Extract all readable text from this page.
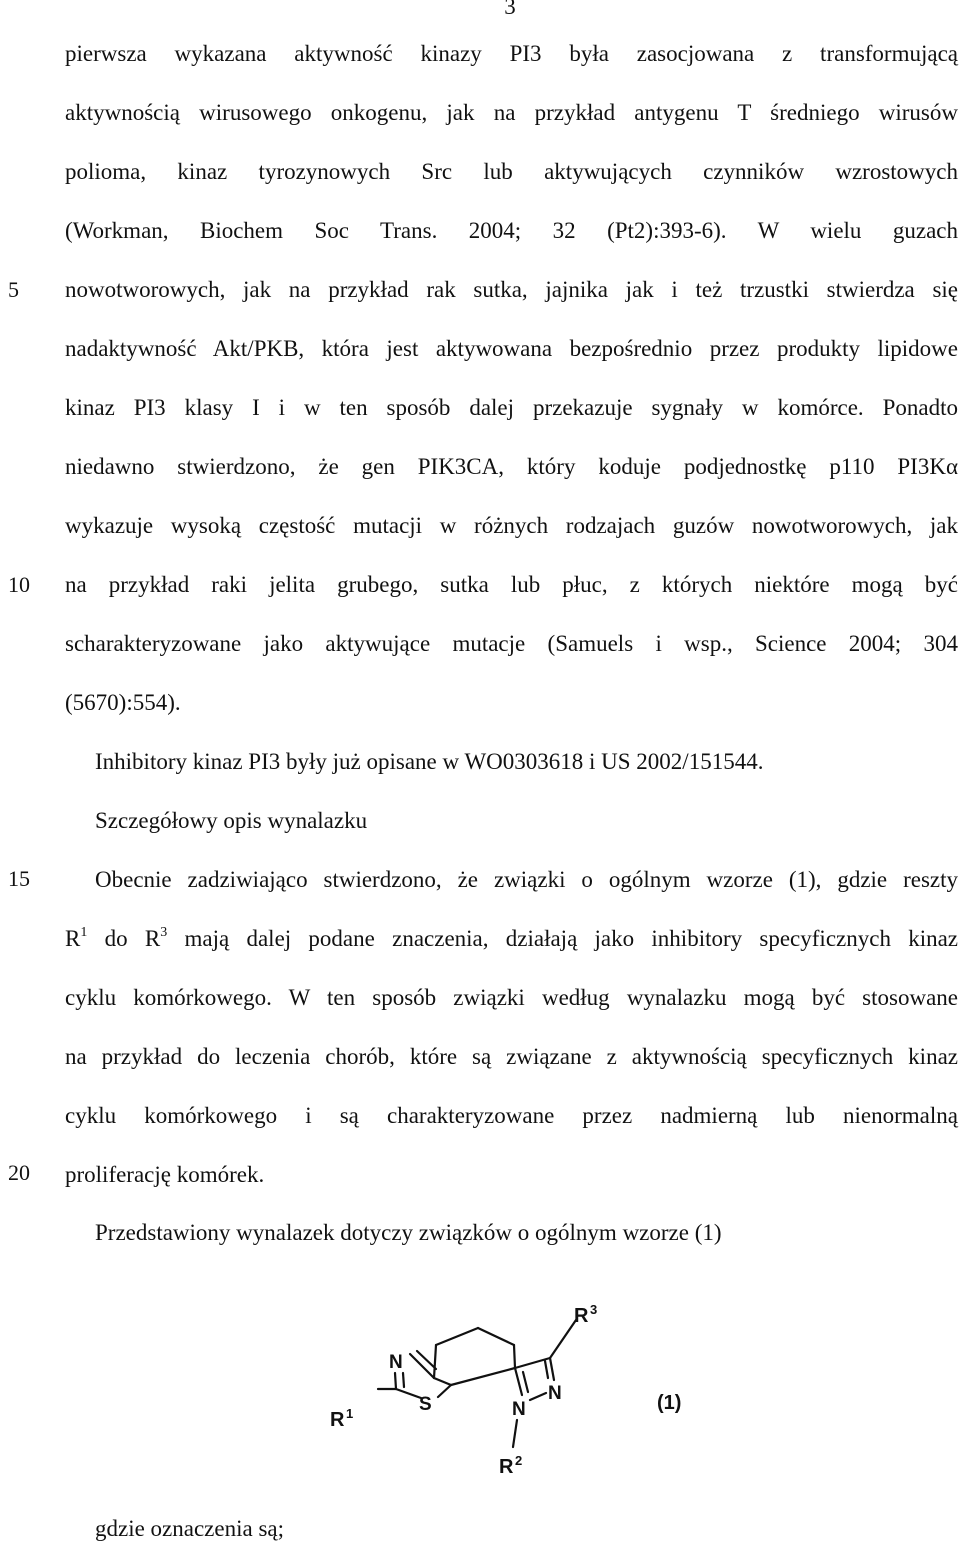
3
5
10
15
20
pierwsza wykazana aktywność kinazy PI3 była zasocjowana z transformującą
aktywnością wirusowego onkogenu, jak na przykład antygenu T średniego wirusów
polioma, kinaz tyrozynowych Src lub aktywujących czynników wzrostowych
(Workman, Biochem Soc Trans. 2004; 32 (Pt2):393-6). W wielu guzach
nowotworowych, jak na przykład rak sutka, jajnika jak i też trzustki stwierdza się
nadaktywność Akt/PKB, która jest aktywowana bezpośrednio przez produkty lipidowe
kinaz PI3 klasy I i w ten sposób dalej przekazuje sygnały w komórce. Ponadto
niedawno stwierdzono, że gen PIK3CA, który koduje podjednostkę p110 PI3Kα
wykazuje wysoką częstość mutacji w różnych rodzajach guzów nowotworowych, jak
na przykład raki jelita grubego, sutka lub płuc, z których niektóre mogą być
scharakteryzowane jako aktywujące mutacje (Samuels i wsp., Science 2004; 304
(5670):554).
Inhibitory kinaz PI3 były już opisane w WO0303618 i US 2002/151544.
Szczegółowy opis wynalazku
Obecnie zadziwiająco stwierdzono, że związki o ogólnym wzorze (1), gdzie reszty
$R^1$ do $R^3$ mają dalej podane znaczenia, działają jako inhibitory specyficznych kinaz
cyklu komórkowego. W ten sposób związki według wynalazku mogą być stosowane
na przykład do leczenia chorób, które są związane z aktywnością specyficznych kinaz
cyklu komórkowego i są charakteryzowane przez nadmierną lub nienormalną
proliferację komórek.
Przedstawiony wynalazek dotyczy związków o ogólnym wzorze (1)
N
S
N
N
R 3
R 1
R 2
(1)
gdzie oznaczenia są;
